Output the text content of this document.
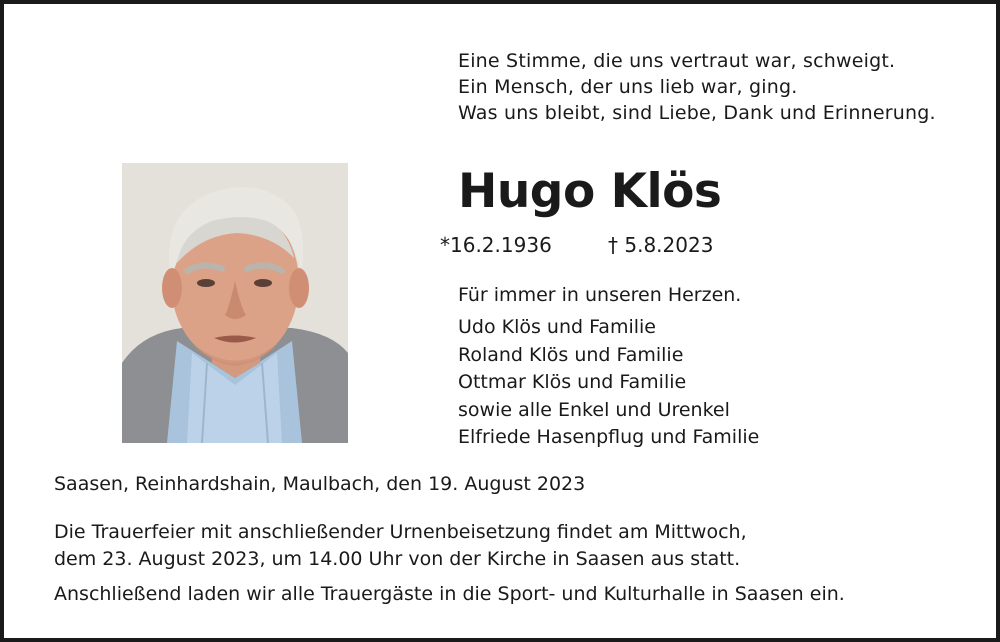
Eine Stimme, die uns vertraut war, schweigt.
Ein Mensch, der uns lieb war, ging.
Was uns bleibt, sind Liebe, Dank und Erinnerung.
Hugo Klös
*16.2.1936	† 5.8.2023
Für immer in unseren Herzen.
Udo Klös und Familie
Roland Klös und Familie
Ottmar Klös und Familie
sowie alle Enkel und Urenkel
Elfriede Hasenpflug und Familie
Saasen, Reinhardshain, Maulbach, den 19. August 2023
Die Trauerfeier mit anschließender Urnenbeisetzung findet am Mittwoch,
dem 23. August 2023, um 14.00 Uhr von der Kirche in Saasen aus statt.
Anschließend laden wir alle Trauergäste in die Sport- und Kulturhalle in Saasen ein.
